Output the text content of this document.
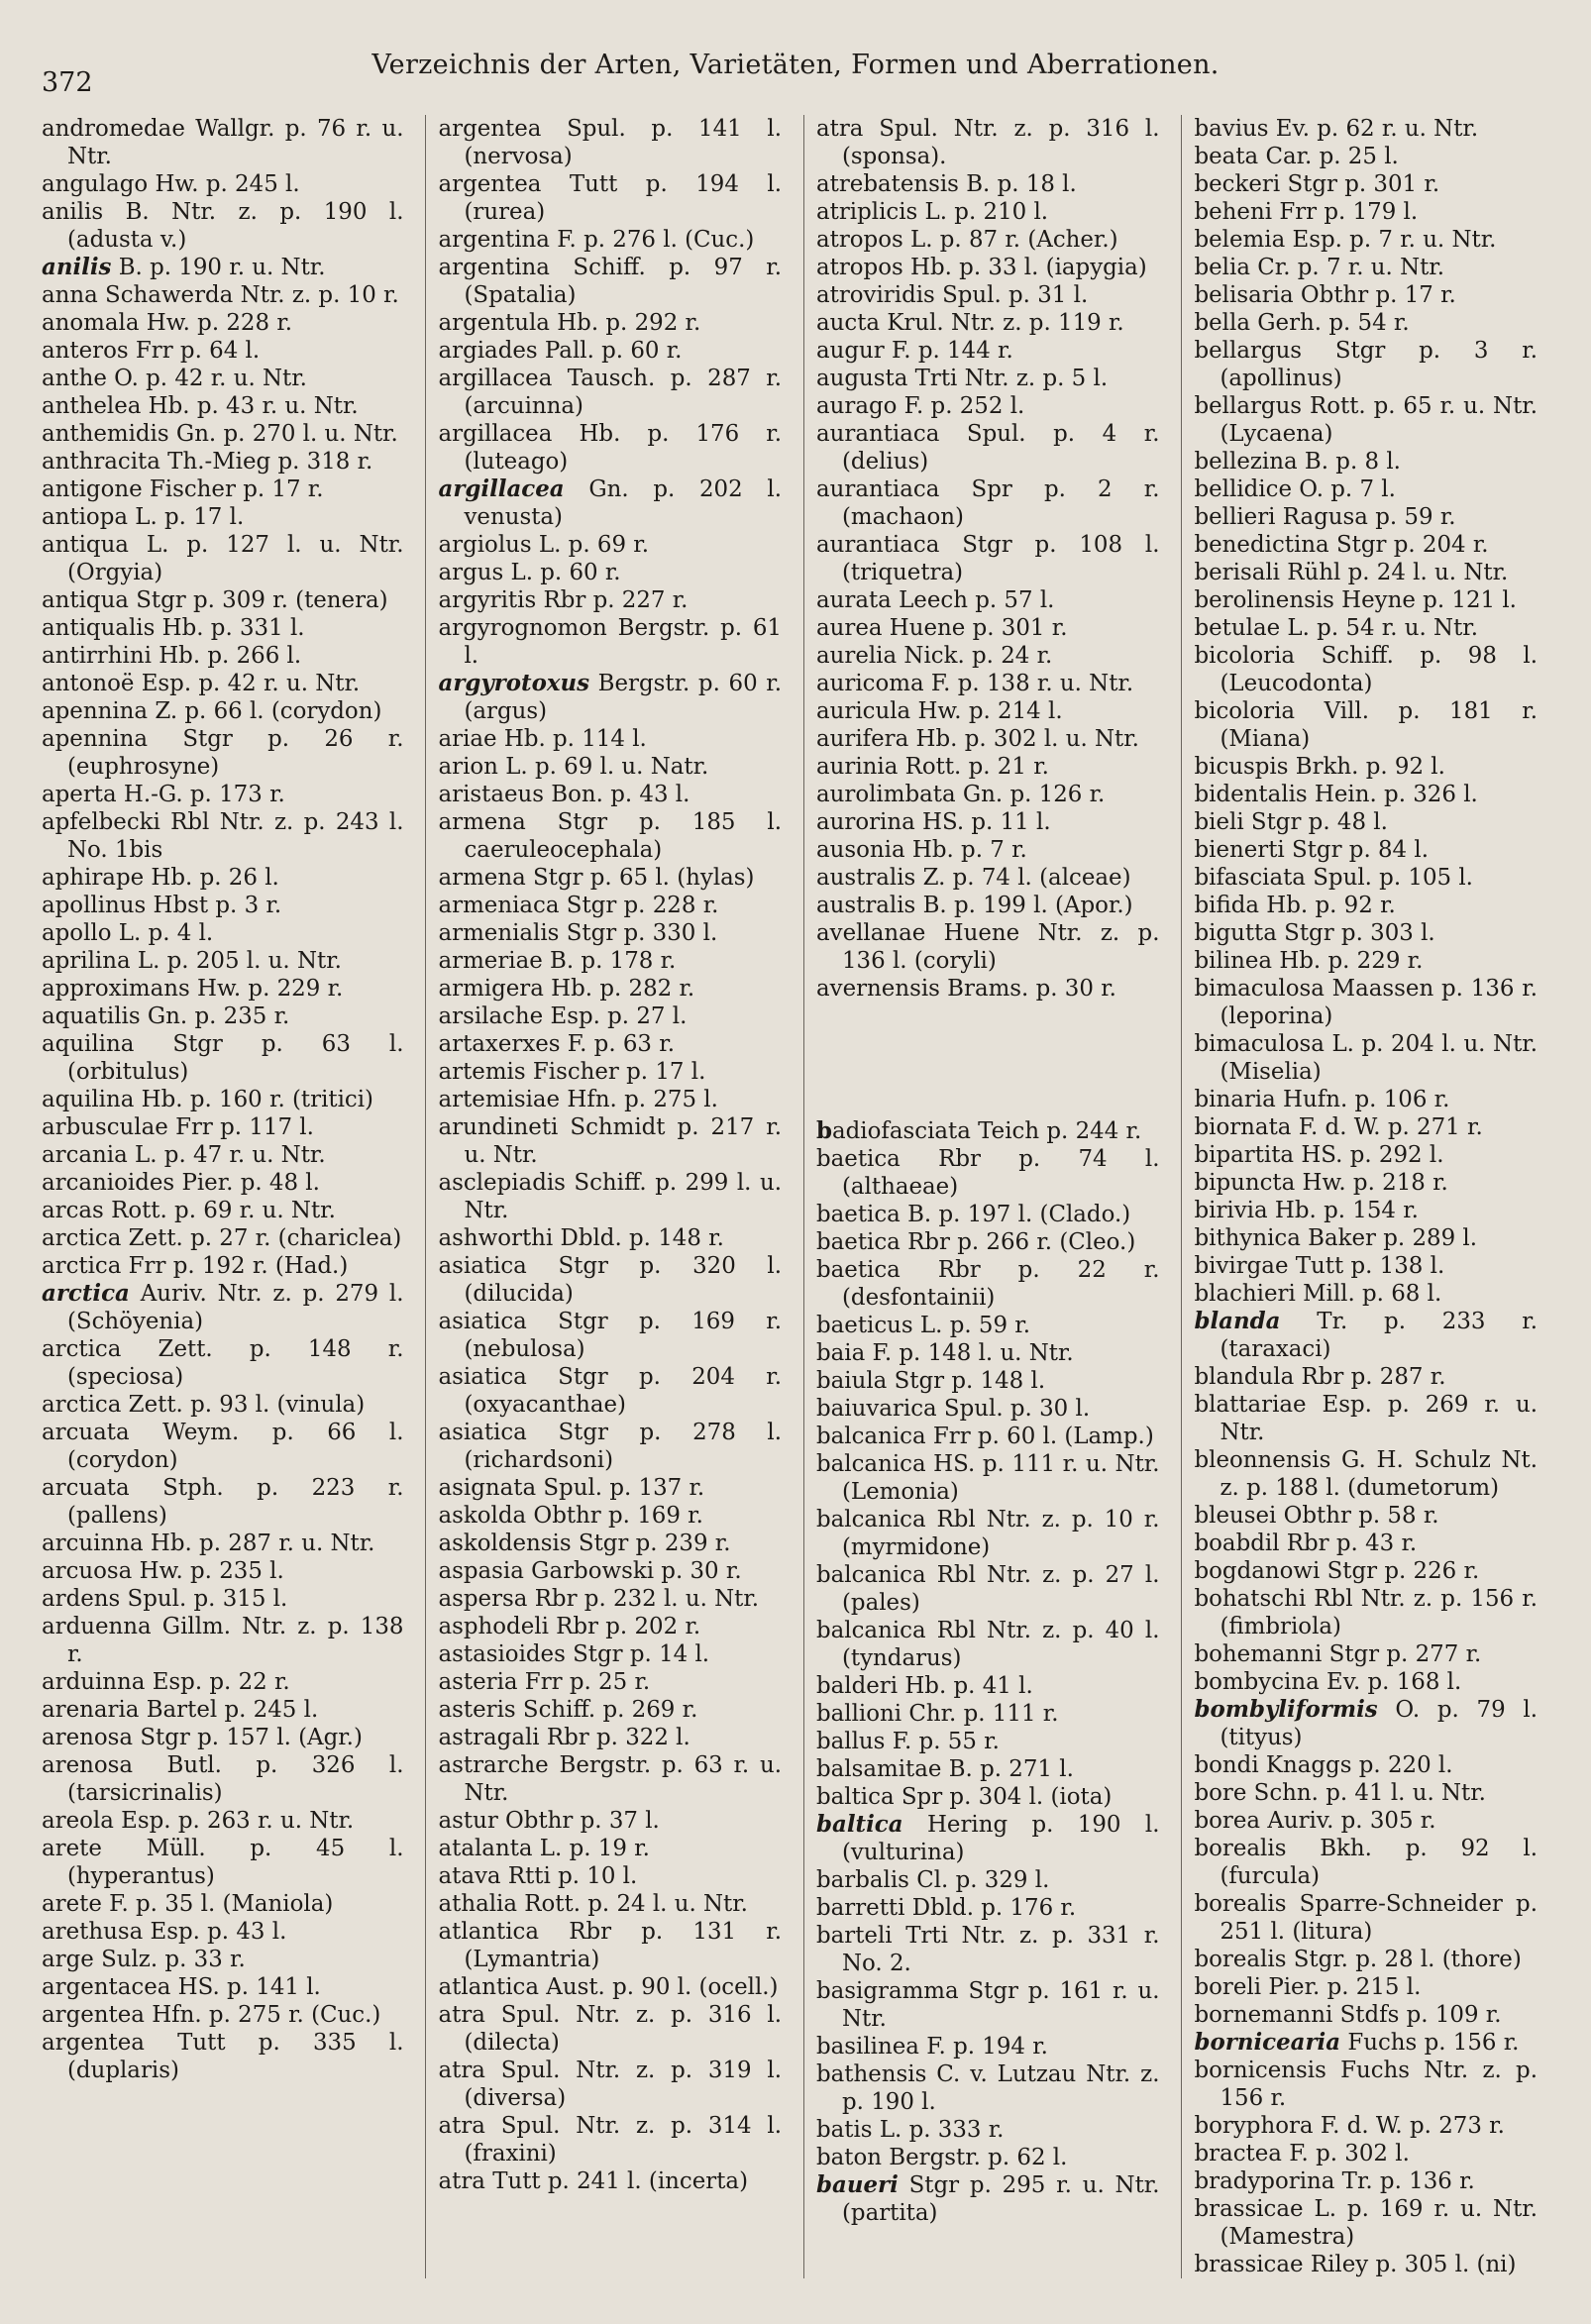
372
Verzeichnis der Arten, Varietäten, Formen und Aberrationen.

andromedae Wallgr. p. 76 r. u. Ntr.

angulago Hw. p. 245 l.

anilis B. Ntr. z. p. 190 l. (adusta v.)

anilis B. p. 190 r. u. Ntr.

anna Schawerda Ntr. z. p. 10 r.

anomala Hw. p. 228 r.

anteros Frr p. 64 l.

anthe O. p. 42 r. u. Ntr.

anthelea Hb. p. 43 r. u. Ntr.

anthemidis Gn. p. 270 l. u. Ntr.

anthracita Th.-Mieg p. 318 r.

antigone Fischer p. 17 r.

antiopa L. p. 17 l.

antiqua L. p. 127 l. u. Ntr. (Orgyia)

antiqua Stgr p. 309 r. (tenera)

antiqualis Hb. p. 331 l.

antirrhini Hb. p. 266 l.

antonoë Esp. p. 42 r. u. Ntr.

apennina Z. p. 66 l. (corydon)

apennina Stgr p. 26 r. (euphrosyne)

aperta H.-G. p. 173 r.

apfelbecki Rbl Ntr. z. p. 243 l. No. 1bis

aphirape Hb. p. 26 l.

apollinus Hbst p. 3 r.

apollo L. p. 4 l.

aprilina L. p. 205 l. u. Ntr.

approximans Hw. p. 229 r.

aquatilis Gn. p. 235 r.

aquilina Stgr p. 63 l. (orbitulus)

aquilina Hb. p. 160 r. (tritici)

arbusculae Frr p. 117 l.

arcania L. p. 47 r. u. Ntr.

arcanioides Pier. p. 48 l.

arcas Rott. p. 69 r. u. Ntr.

arctica Zett. p. 27 r. (chariclea)

arctica Frr p. 192 r. (Had.)

arctica Auriv. Ntr. z. p. 279 l. (Schöyenia)

arctica Zett. p. 148 r. (speciosa)

arctica Zett. p. 93 l. (vinula)

arcuata Weym. p. 66 l. (corydon)

arcuata Stph. p. 223 r. (pallens)

arcuinna Hb. p. 287 r. u. Ntr.

arcuosa Hw. p. 235 l.

ardens Spul. p. 315 l.

arduenna Gillm. Ntr. z. p. 138 r.

arduinna Esp. p. 22 r.

arenaria Bartel p. 245 l.

arenosa Stgr p. 157 l. (Agr.)

arenosa Butl. p. 326 l. (tarsicrinalis)

areola Esp. p. 263 r. u. Ntr.

arete Müll. p. 45 l. (hyperantus)

arete F. p. 35 l. (Maniola)

arethusa Esp. p. 43 l.

arge Sulz. p. 33 r.

argentacea HS. p. 141 l.

argentea Hfn. p. 275 r. (Cuc.)

argentea Tutt p. 335 l. (duplaris)

argentea Spul. p. 141 l. (nervosa)

argentea Tutt p. 194 l. (rurea)

argentina F. p. 276 l. (Cuc.)

argentina Schiff. p. 97 r. (Spatalia)

argentula Hb. p. 292 r.

argiades Pall. p. 60 r.

argillacea Tausch. p. 287 r. (arcuinna)

argillacea Hb. p. 176 r. (luteago)

argillacea Gn. p. 202 l. venusta)

argiolus L. p. 69 r.

argus L. p. 60 r.

argyritis Rbr p. 227 r.

argyrognomon Bergstr. p. 61 l.

argyrotoxus Bergstr. p. 60 r. (argus)

ariae Hb. p. 114 l.

arion L. p. 69 l. u. Natr.

aristaeus Bon. p. 43 l.

armena Stgr p. 185 l. caeruleocephala)

armena Stgr p. 65 l. (hylas)

armeniaca Stgr p. 228 r.

armenialis Stgr p. 330 l.

armeriae B. p. 178 r.

armigera Hb. p. 282 r.

arsilache Esp. p. 27 l.

artaxerxes F. p. 63 r.

artemis Fischer p. 17 l.

artemisiae Hfn. p. 275 l.

arundineti Schmidt p. 217 r. u. Ntr.

asclepiadis Schiff. p. 299 l. u. Ntr.

ashworthi Dbld. p. 148 r.

asiatica Stgr p. 320 l. (dilucida)

asiatica Stgr p. 169 r. (nebulosa)

asiatica Stgr p. 204 r. (oxyacanthae)

asiatica Stgr p. 278 l. (richardsoni)

asignata Spul. p. 137 r.

askolda Obthr p. 169 r.

askoldensis Stgr p. 239 r.

aspasia Garbowski p. 30 r.

aspersa Rbr p. 232 l. u. Ntr.

asphodeli Rbr p. 202 r.

astasioides Stgr p. 14 l.

asteria Frr p. 25 r.

asteris Schiff. p. 269 r.

astragali Rbr p. 322 l.

astrarche Bergstr. p. 63 r. u. Ntr.

astur Obthr p. 37 l.

atalanta L. p. 19 r.

atava Rtti p. 10 l.

athalia Rott. p. 24 l. u. Ntr.

atlantica Rbr p. 131 r. (Lymantria)

atlantica Aust. p. 90 l. (ocell.)

atra Spul. Ntr. z. p. 316 l. (dilecta)

atra Spul. Ntr. z. p. 319 l. (diversa)

atra Spul. Ntr. z. p. 314 l. (fraxini)

atra Tutt p. 241 l. (incerta)

atra Spul. Ntr. z. p. 316 l. (sponsa).

atrebatensis B. p. 18 l.

atriplicis L. p. 210 l.

atropos L. p. 87 r. (Acher.)

atropos Hb. p. 33 l. (iapygia)

atroviridis Spul. p. 31 l.

aucta Krul. Ntr. z. p. 119 r.

augur F. p. 144 r.

augusta Trti Ntr. z. p. 5 l.

aurago F. p. 252 l.

aurantiaca Spul. p. 4 r. (delius)

aurantiaca Spr p. 2 r. (machaon)

aurantiaca Stgr p. 108 l. (triquetra)

aurata Leech p. 57 l.

aurea Huene p. 301 r.

aurelia Nick. p. 24 r.

auricoma F. p. 138 r. u. Ntr.

auricula Hw. p. 214 l.

aurifera Hb. p. 302 l. u. Ntr.

aurinia Rott. p. 21 r.

aurolimbata Gn. p. 126 r.

aurorina HS. p. 11 l.

ausonia Hb. p. 7 r.

australis Z. p. 74 l. (alceae)

australis B. p. 199 l. (Apor.)

avellanae Huene Ntr. z. p. 136 l. (coryli)

avernensis Brams. p. 30 r.

badiofasciata Teich p. 244 r.

baetica Rbr p. 74 l. (althaeae)

baetica B. p. 197 l. (Clado.)

baetica Rbr p. 266 r. (Cleo.)

baetica Rbr p. 22 r. (desfontainii)

baeticus L. p. 59 r.

baia F. p. 148 l. u. Ntr.

baiula Stgr p. 148 l.

baiuvarica Spul. p. 30 l.

balcanica Frr p. 60 l. (Lamp.)

balcanica HS. p. 111 r. u. Ntr. (Lemonia)

balcanica Rbl Ntr. z. p. 10 r. (myrmidone)

balcanica Rbl Ntr. z. p. 27 l. (pales)

balcanica Rbl Ntr. z. p. 40 l. (tyndarus)

balderi Hb. p. 41 l.

ballioni Chr. p. 111 r.

ballus F. p. 55 r.

balsamitae B. p. 271 l.

baltica Spr p. 304 l. (iota)

baltica Hering p. 190 l. (vulturina)

barbalis Cl. p. 329 l.

barretti Dbld. p. 176 r.

barteli Trti Ntr. z. p. 331 r. No. 2.

basigramma Stgr p. 161 r. u. Ntr.

basilinea F. p. 194 r.

bathensis C. v. Lutzau Ntr. z. p. 190 l.

batis L. p. 333 r.

baton Bergstr. p. 62 l.

baueri Stgr p. 295 r. u. Ntr. (partita)

bavius Ev. p. 62 r. u. Ntr.

beata Car. p. 25 l.

beckeri Stgr p. 301 r.

beheni Frr p. 179 l.

belemia Esp. p. 7 r. u. Ntr.

belia Cr. p. 7 r. u. Ntr.

belisaria Obthr p. 17 r.

bella Gerh. p. 54 r.

bellargus Stgr p. 3 r. (apollinus)

bellargus Rott. p. 65 r. u. Ntr. (Lycaena)

bellezina B. p. 8 l.

bellidice O. p. 7 l.

bellieri Ragusa p. 59 r.

benedictina Stgr p. 204 r.

berisali Rühl p. 24 l. u. Ntr.

berolinensis Heyne p. 121 l.

betulae L. p. 54 r. u. Ntr.

bicoloria Schiff. p. 98 l. (Leucodonta)

bicoloria Vill. p. 181 r. (Miana)

bicuspis Brkh. p. 92 l.

bidentalis Hein. p. 326 l.

bieli Stgr p. 48 l.

bienerti Stgr p. 84 l.

bifasciata Spul. p. 105 l.

bifida Hb. p. 92 r.

bigutta Stgr p. 303 l.

bilinea Hb. p. 229 r.

bimaculosa Maassen p. 136 r. (leporina)

bimaculosa L. p. 204 l. u. Ntr. (Miselia)

binaria Hufn. p. 106 r.

biornata F. d. W. p. 271 r.

bipartita HS. p. 292 l.

bipuncta Hw. p. 218 r.

birivia Hb. p. 154 r.

bithynica Baker p. 289 l.

bivirgae Tutt p. 138 l.

blachieri Mill. p. 68 l.

blanda Tr. p. 233 r. (taraxaci)

blandula Rbr p. 287 r.

blattariae Esp. p. 269 r. u. Ntr.

bleonnensis G. H. Schulz Nt. z. p. 188 l. (dumetorum)

bleusei Obthr p. 58 r.

boabdil Rbr p. 43 r.

bogdanowi Stgr p. 226 r.

bohatschi Rbl Ntr. z. p. 156 r. (fimbriola)

bohemanni Stgr p. 277 r.

bombycina Ev. p. 168 l.

bombyliformis O. p. 79 l. (tityus)

bondi Knaggs p. 220 l.

bore Schn. p. 41 l. u. Ntr.

borea Auriv. p. 305 r.

borealis Bkh. p. 92 l. (furcula)

borealis Sparre-Schneider p. 251 l. (litura)

borealis Stgr. p. 28 l. (thore)

boreli Pier. p. 215 l.

bornemanni Stdfs p. 109 r.

bornicearia Fuchs p. 156 r.

bornicensis Fuchs Ntr. z. p. 156 r.

boryphora F. d. W. p. 273 r.

bractea F. p. 302 l.

bradyporina Tr. p. 136 r.

brassicae L. p. 169 r. u. Ntr. (Mamestra)

brassicae Riley p. 305 l. (ni)
